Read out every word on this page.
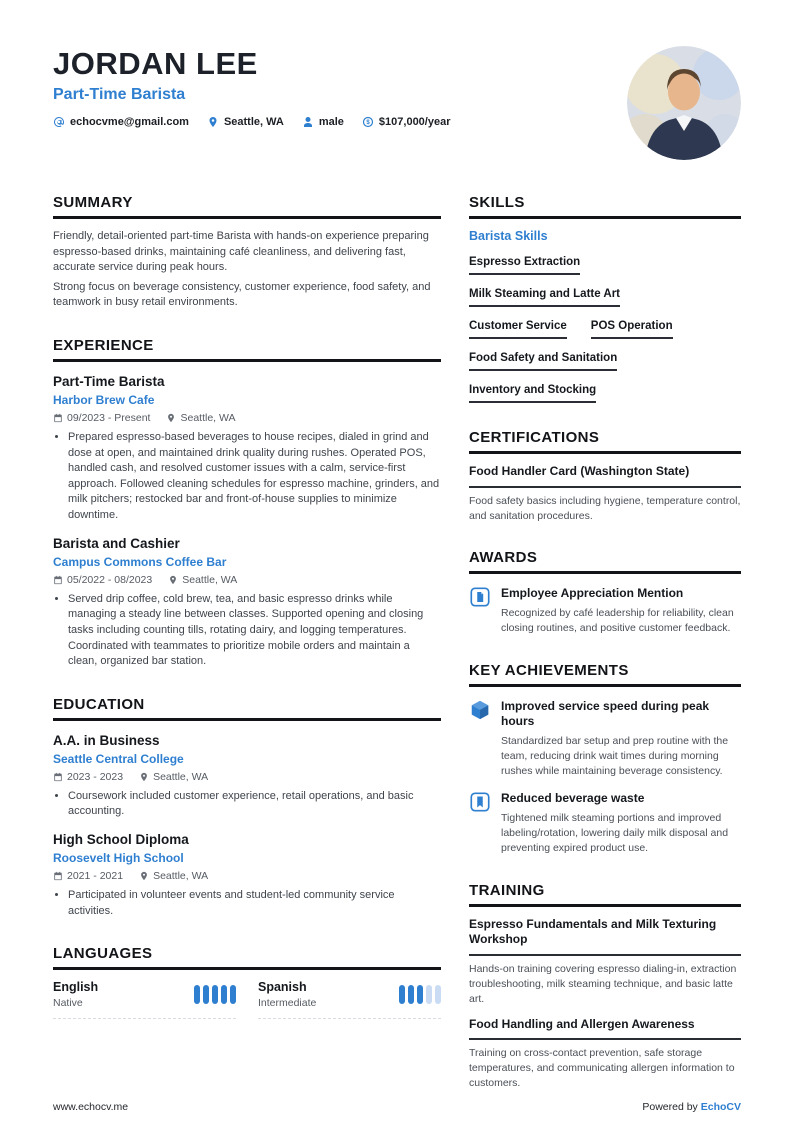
JORDAN LEE
Part-Time Barista
echocvme@gmail.com	Seattle, WA	male $ $107,000/year
SUMMARY

Friendly, detail-oriented part-time Barista with hands-on experience preparing espresso-based drinks, maintaining café cleanliness, and delivering fast, accurate service during peak hours.

Strong focus on beverage consistency, customer experience, food safety, and teamwork in busy retail environments.

EXPERIENCE
Part-Time Barista
Harbor Brew Cafe
09/2023 - Present	Seattle, WA
• Prepared espresso-based beverages to house recipes, dialed in grind and dose at open, and maintained drink quality during rushes. Operated POS, handled cash, and resolved customer issues with a calm, service-first approach. Followed cleaning schedules for espresso machine, grinders, and milk pitchers; restocked bar and front-of-house supplies to minimize downtime.
Barista and Cashier
Campus Commons Coffee Bar
05/2022 - 08/2023	Seattle, WA
• Served drip coffee, cold brew, tea, and basic espresso drinks while managing a steady line between classes. Supported opening and closing tasks including counting tills, rotating dairy, and logging temperatures. Coordinated with teammates to prioritize mobile orders and maintain a clean, organized bar station.
EDUCATION
A.A. in Business
Seattle Central College
2023 - 2023	Seattle, WA
• Coursework included customer experience, retail operations, and basic accounting.
High School Diploma
Roosevelt High School
2021 - 2021	Seattle, WA
• Participated in volunteer events and student-led community service activities.
LANGUAGES
English
Native
Spanish
Intermediate
SKILLS
Barista Skills
Espresso Extraction
Milk Steaming and Latte Art
Customer Service POS Operation
Food Safety and Sanitation
Inventory and Stocking
CERTIFICATIONS
Food Handler Card (Washington State)
Food safety basics including hygiene, temperature control, and sanitation procedures.
AWARDS
Employee Appreciation Mention
Recognized by café leadership for reliability, clean closing routines, and positive customer feedback.
KEY ACHIEVEMENTS
Improved service speed during peak hours
Standardized bar setup and prep routine with the team, reducing drink wait times during morning rushes while maintaining beverage consistency.
Reduced beverage waste
Tightened milk steaming portions and improved labeling/rotation, lowering daily milk disposal and preventing expired product use.
TRAINING
Espresso Fundamentals and Milk Texturing Workshop
Hands-on training covering espresso dialing-in, extraction troubleshooting, milk steaming technique, and basic latte art.
Food Handling and Allergen Awareness
Training on cross-contact prevention, safe storage temperatures, and communicating allergen information to customers.
www.echocv.me	Powered by EchoCV
